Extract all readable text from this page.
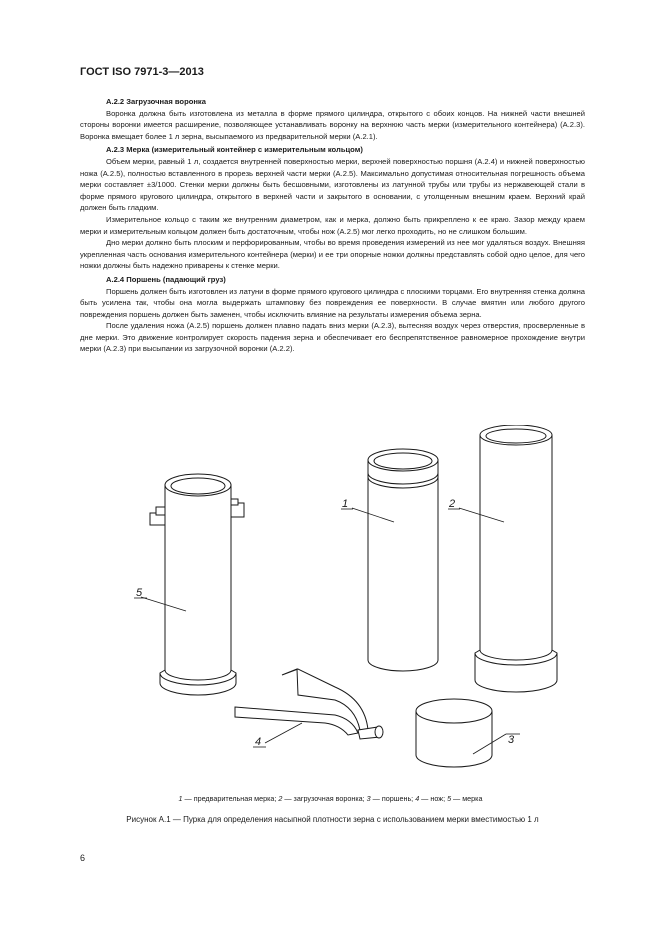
ГОСТ ISO 7971-3—2013

А.2.2 Загрузочная воронка

Воронка должна быть изготовлена из металла в форме прямого цилиндра, открытого с обоих концов. На нижней части внешней стороны воронки имеется расширение, позволяющее устанавливать воронку на верхнюю часть мерки (измерительного контейнера) (А.2.3). Воронка вмещает более 1 л зерна, высыпаемого из предварительной мерки (А.2.1).

А.2.3 Мерка (измерительный контейнер с измерительным кольцом)

Объем мерки, равный 1 л, создается внутренней поверхностью мерки, верхней поверхностью поршня (А.2.4) и нижней поверхностью ножа (А.2.5), полностью вставленного в прорезь верхней части мерки (А.2.5). Максимально допустимая относительная погрешность объема мерки составляет ±3/1000. Стенки мерки должны быть бесшовными, изготовлены из латунной трубы или трубы из нержавеющей стали в форме прямого кругового цилиндра, открытого в верхней части и закрытого в основании, с утолщенным внешним краем. Верхний край должен быть гладким.

Измерительное кольцо с таким же внутренним диаметром, как и мерка, должно быть прикреплено к ее краю. Зазор между краем мерки и измерительным кольцом должен быть достаточным, чтобы нож (А.2.5) мог легко проходить, но не слишком большим.

Дно мерки должно быть плоским и перфорированным, чтобы во время проведения измерений из нее мог удаляться воздух. Внешняя укрепленная часть основания измерительного контейнера (мерки) и ее три опорные ножки должны представлять собой одно целое, для чего ножки должны быть надежно приварены к стенке мерки.

А.2.4 Поршень (падающий груз)

Поршень должен быть изготовлен из латуни в форме прямого кругового цилиндра с плоскими торцами. Его внутренняя стенка должна быть усилена так, чтобы она могла выдержать штамповку без повреждения ее поверхности. В случае вмятин или любого другого повреждения поршень должен быть заменен, чтобы исключить влияние на результаты измерения объема зерна.

После удаления ножа (А.2.5) поршень должен плавно падать вниз мерки (А.2.3), вытесняя воздух через отверстия, просверленные в дне мерки. Это движение контролирует скорость падения зерна и обеспечивает его беспрепятственное равномерное прохождение внутри мерки (А.2.3) при высыпании из загрузочной воронки (А.2.2).

1	2
3
4
5
1 — предварительная мерка; 2 — загрузочная воронка; 3 — поршень; 4 — нож; 5 — мерка
Рисунок А.1 — Пурка для определения насыпной плотности зерна с использованием мерки вместимостью 1 л
6
